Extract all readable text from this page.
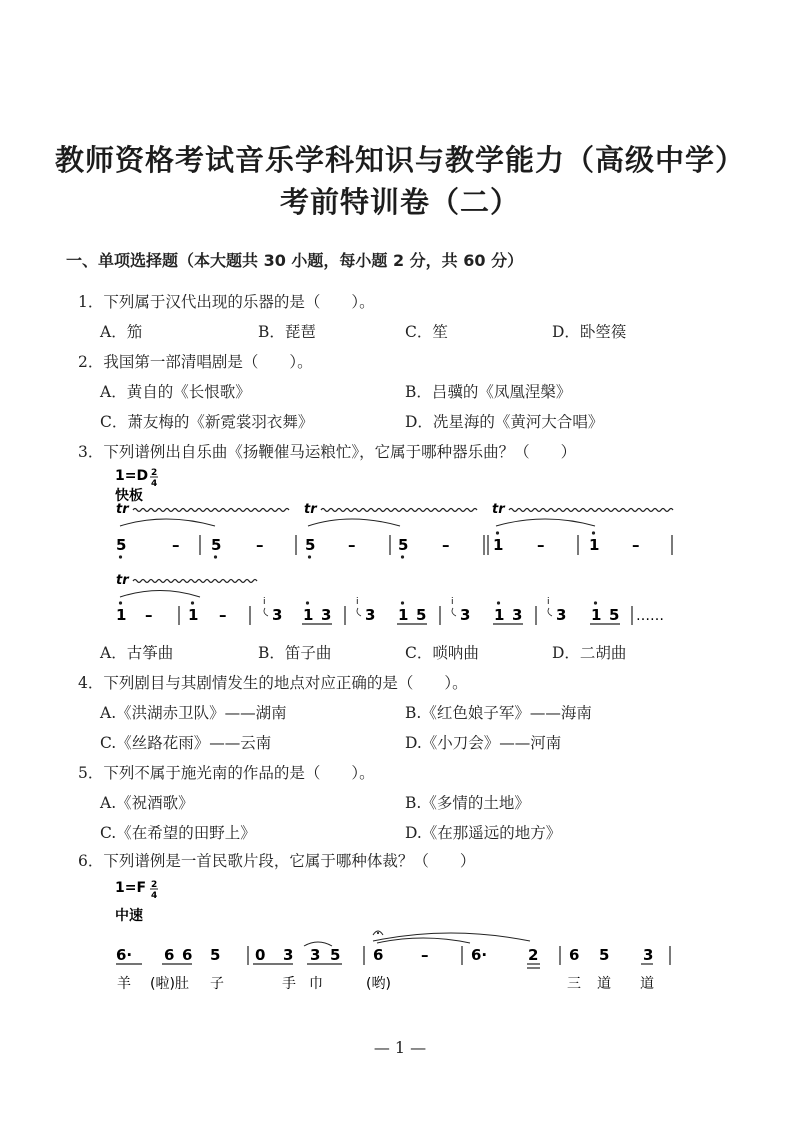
教师资格考试音乐学科知识与教学能力（高级中学）
考前特训卷（二）
一、单项选择题（本大题共 30 小题，每小题 2 分，共 60 分）
1．下列属于汉代出现的乐器的是（　　）。
A．笳	B．琵琶	C．笙	D．卧箜篌
2．我国第一部清唱剧是（　　）。
A．黄自的《长恨歌》	B．吕骥的《凤凰涅槃》
C．萧友梅的《新霓裳羽衣舞》	D．冼星海的《黄河大合唱》
3．下列谱例出自乐曲《扬鞭催马运粮忙》，它属于哪种器乐曲？（　　）
1=D 2
4
快板
tr	tr	tr
5	– 5 –	5 –	5 –	1 –	1 –
tr
1 – 1 –
i
3 1 3
i
3 1 5
i
3 1 3
i
3 1 5 ……
A．古筝曲	B．笛子曲	C．唢呐曲	D．二胡曲
4．下列剧目与其剧情发生的地点对应正确的是（　　）。
A.《洪湖赤卫队》——湖南	B.《红色娘子军》——海南
C.《丝路花雨》——云南	D.《小刀会》——河南
5．下列不属于施光南的作品的是（　　）。
A.《祝酒歌》	B.《多情的土地》
C.《在希望的田野上》	D.《在那遥远的地方》
6．下列谱例是一首民歌片段，它属于哪种体裁？（　　）
1=F 2
4
中速
6· 6 6 5 0 3 3 5 6	–	6·	2 6 5 3
羊 (啦)肚 子	手 巾	(哟)	三 道 道
— 1 —
